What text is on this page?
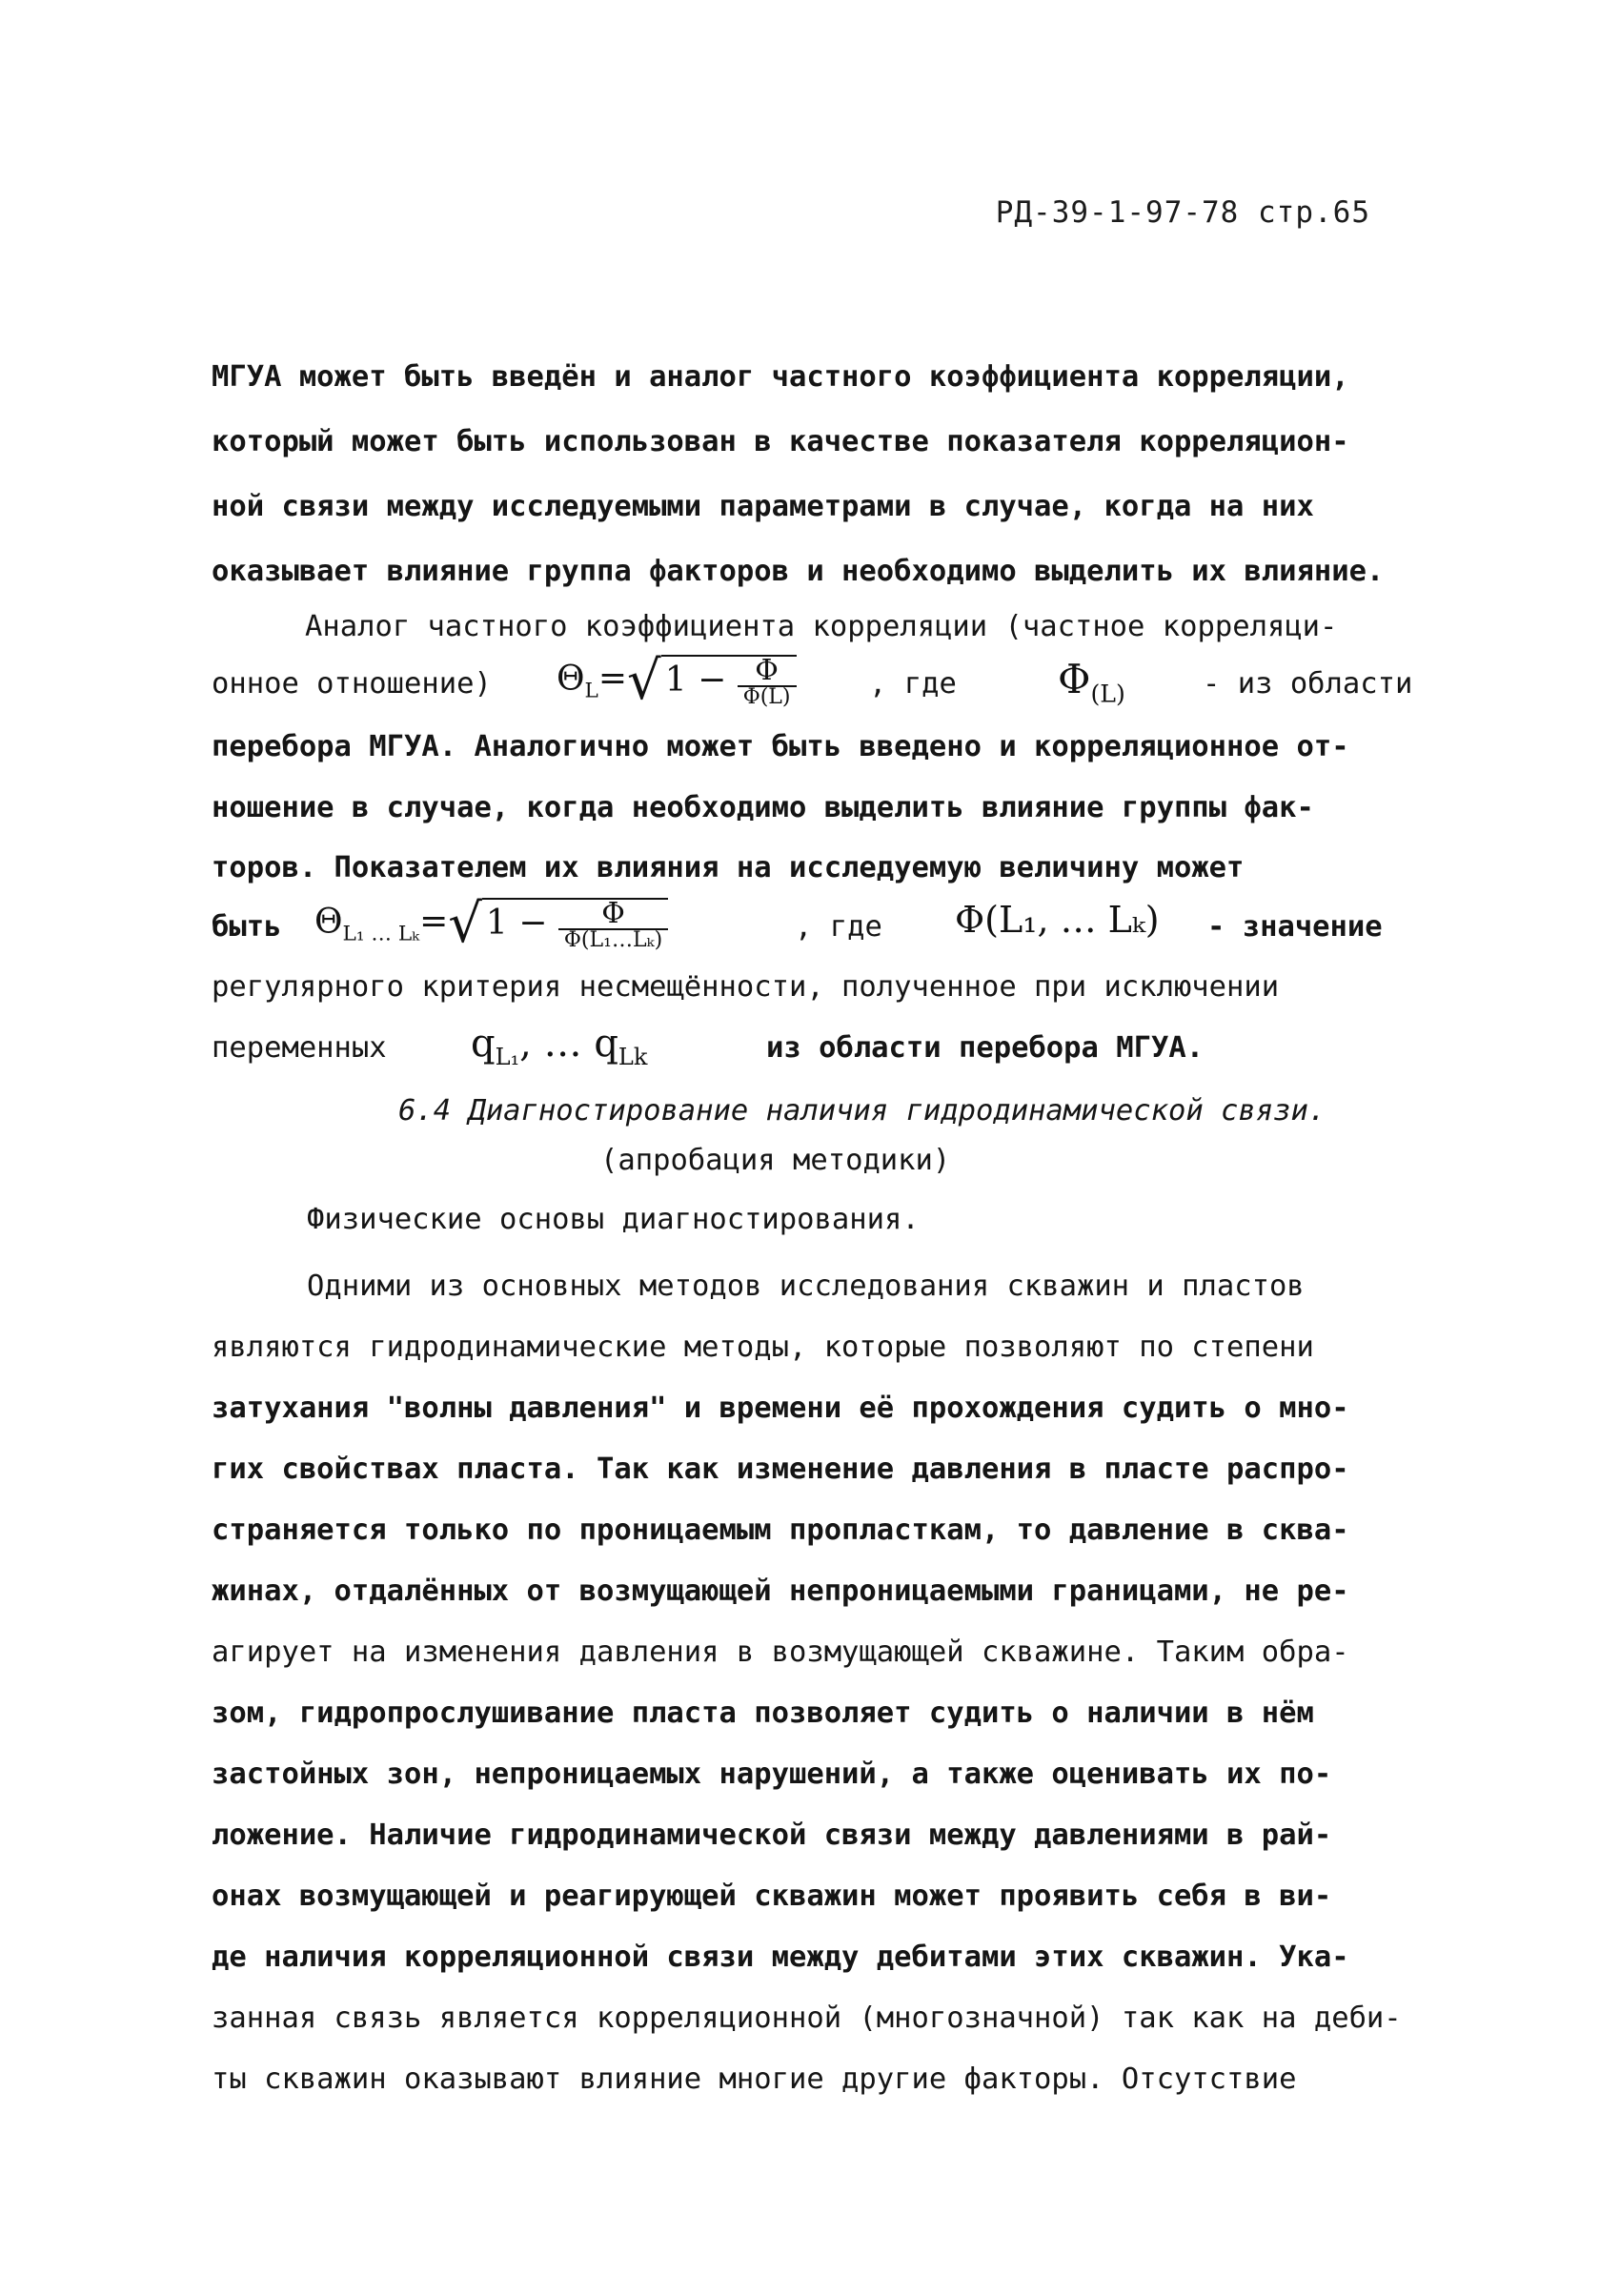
РД-39-1-97-78 стр.65
МГУА может быть введён и аналог частного коэффициента корреляции,
который может быть использован в качестве показателя корреляцион-
ной связи между исследуемыми параметрами в случае, когда на них
оказывает влияние группа факторов и необходимо выделить их влияние.
Аналог частного коэффициента корреляции (частное корреляци-
онное отношение) $\Theta_L=√$ $1 - \frac{\Phi}{\Phi(L)}$	, где	$\Phi_{(L)}$	- из области
перебора МГУА. Аналогично может быть введено и корреляционное от-
ношение в случае, когда необходимо выделить влияние группы фак-
торов. Показателем их влияния на исследуемую величину может
быть $\Theta_{L_1 \dots L_k}=√$ $1 - \frac{\Phi}{\text{Φ(L₁…Lₖ)}}$	, где Φ(L₁, … Lₖ) - значение
регулярного критерия несмещённости, полученное при исключении
переменных $q_{L_1}$, … $q_{Lk}$	из области перебора МГУА.
6.4 Диагностирование наличия гидродинамической связи.
(апробация методики)
Физические основы диагностирования.
Одними из основных методов исследования скважин и пластов
являются гидродинамические методы, которые позволяют по степени
затухания "волны давления" и времени её прохождения судить о мно-
гих свойствах пласта. Так как изменение давления в пласте распро-
страняется только по проницаемым пропласткам, то давление в сква-
жинах, отдалённых от возмущающей непроницаемыми границами, не ре-
агирует на изменения давления в возмущающей скважине. Таким обра-
зом, гидропрослушивание пласта позволяет судить о наличии в нём
застойных зон, непроницаемых нарушений, а также оценивать их по-
ложение. Наличие гидродинамической связи между давлениями в рай-
онах возмущающей и реагирующей скважин может проявить себя в ви-
де наличия корреляционной связи между дебитами этих скважин. Ука-
занная связь является корреляционной (многозначной) так как на деби-
ты скважин оказывают влияние многие другие факторы. Отсутствие
